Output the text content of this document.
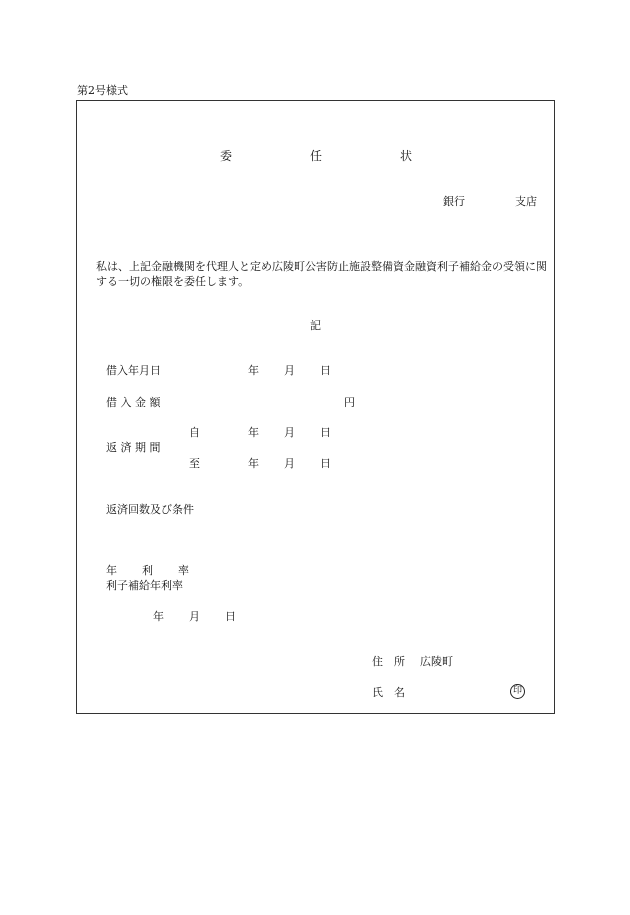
第2号様式
委	任	状
銀行	支店
私は、上記金融機関を代理人と定め広陵町公害防止施設整備資金融資利子補給金の受領に関する一切の権限を委任します。
記
借入年月日	年 月 日
借 入 金 額	円
自	年 月 日
返 済 期 間
至	年 月 日
返済回数及び条件
年 利 率
利子補給年利率
年 月 日
住　所 広陵町
氏　名	印
